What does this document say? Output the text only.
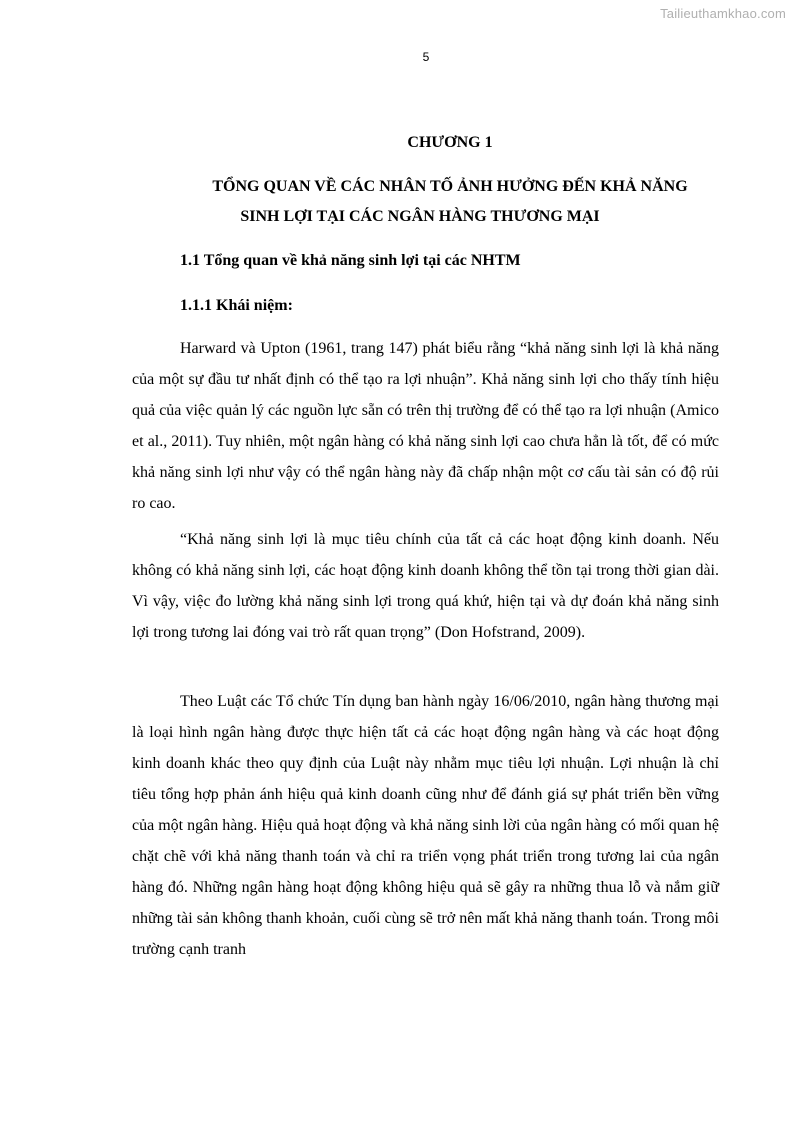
Tailieuthamkhao.com
5
CHƯƠNG 1
TỔNG QUAN VỀ CÁC NHÂN TỐ ẢNH HƯỞNG ĐẾN KHẢ NĂNG
SINH LỢI TẠI CÁC NGÂN HÀNG THƯƠNG MẠI
1.1 Tổng quan về khả năng sinh lợi tại các NHTM
1.1.1 Khái niệm:

Harward và Upton (1961, trang 147) phát biểu rằng “khả năng sinh lợi là khả năng của một sự đầu tư nhất định có thể tạo ra lợi nhuận”. Khả năng sinh lợi cho thấy tính hiệu quả của việc quản lý các nguồn lực sẵn có trên thị trường để có thể tạo ra lợi nhuận (Amico et al., 2011). Tuy nhiên, một ngân hàng có khả năng sinh lợi cao chưa hẳn là tốt, để có mức khả năng sinh lợi như vậy có thể ngân hàng này đã chấp nhận một cơ cấu tài sản có độ rủi ro cao.

“Khả năng sinh lợi là mục tiêu chính của tất cả các hoạt động kinh doanh. Nếu không có khả năng sinh lợi, các hoạt động kinh doanh không thể tồn tại trong thời gian dài. Vì vậy, việc đo lường khả năng sinh lợi trong quá khứ, hiện tại và dự đoán khả năng sinh lợi trong tương lai đóng vai trò rất quan trọng” (Don Hofstrand, 2009).

Theo Luật các Tổ chức Tín dụng ban hành ngày 16/06/2010, ngân hàng thương mại là loại hình ngân hàng được thực hiện tất cả các hoạt động ngân hàng và các hoạt động kinh doanh khác theo quy định của Luật này nhằm mục tiêu lợi nhuận. Lợi nhuận là chỉ tiêu tổng hợp phản ánh hiệu quả kinh doanh cũng như để đánh giá sự phát triển bền vững của một ngân hàng. Hiệu quả hoạt động và khả năng sinh lời của ngân hàng có mối quan hệ chặt chẽ với khả năng thanh toán và chỉ ra triển vọng phát triển trong tương lai của ngân hàng đó. Những ngân hàng hoạt động không hiệu quả sẽ gây ra những thua lỗ và nắm giữ những tài sản không thanh khoản, cuối cùng sẽ trở nên mất khả năng thanh toán. Trong môi trường cạnh tranh
